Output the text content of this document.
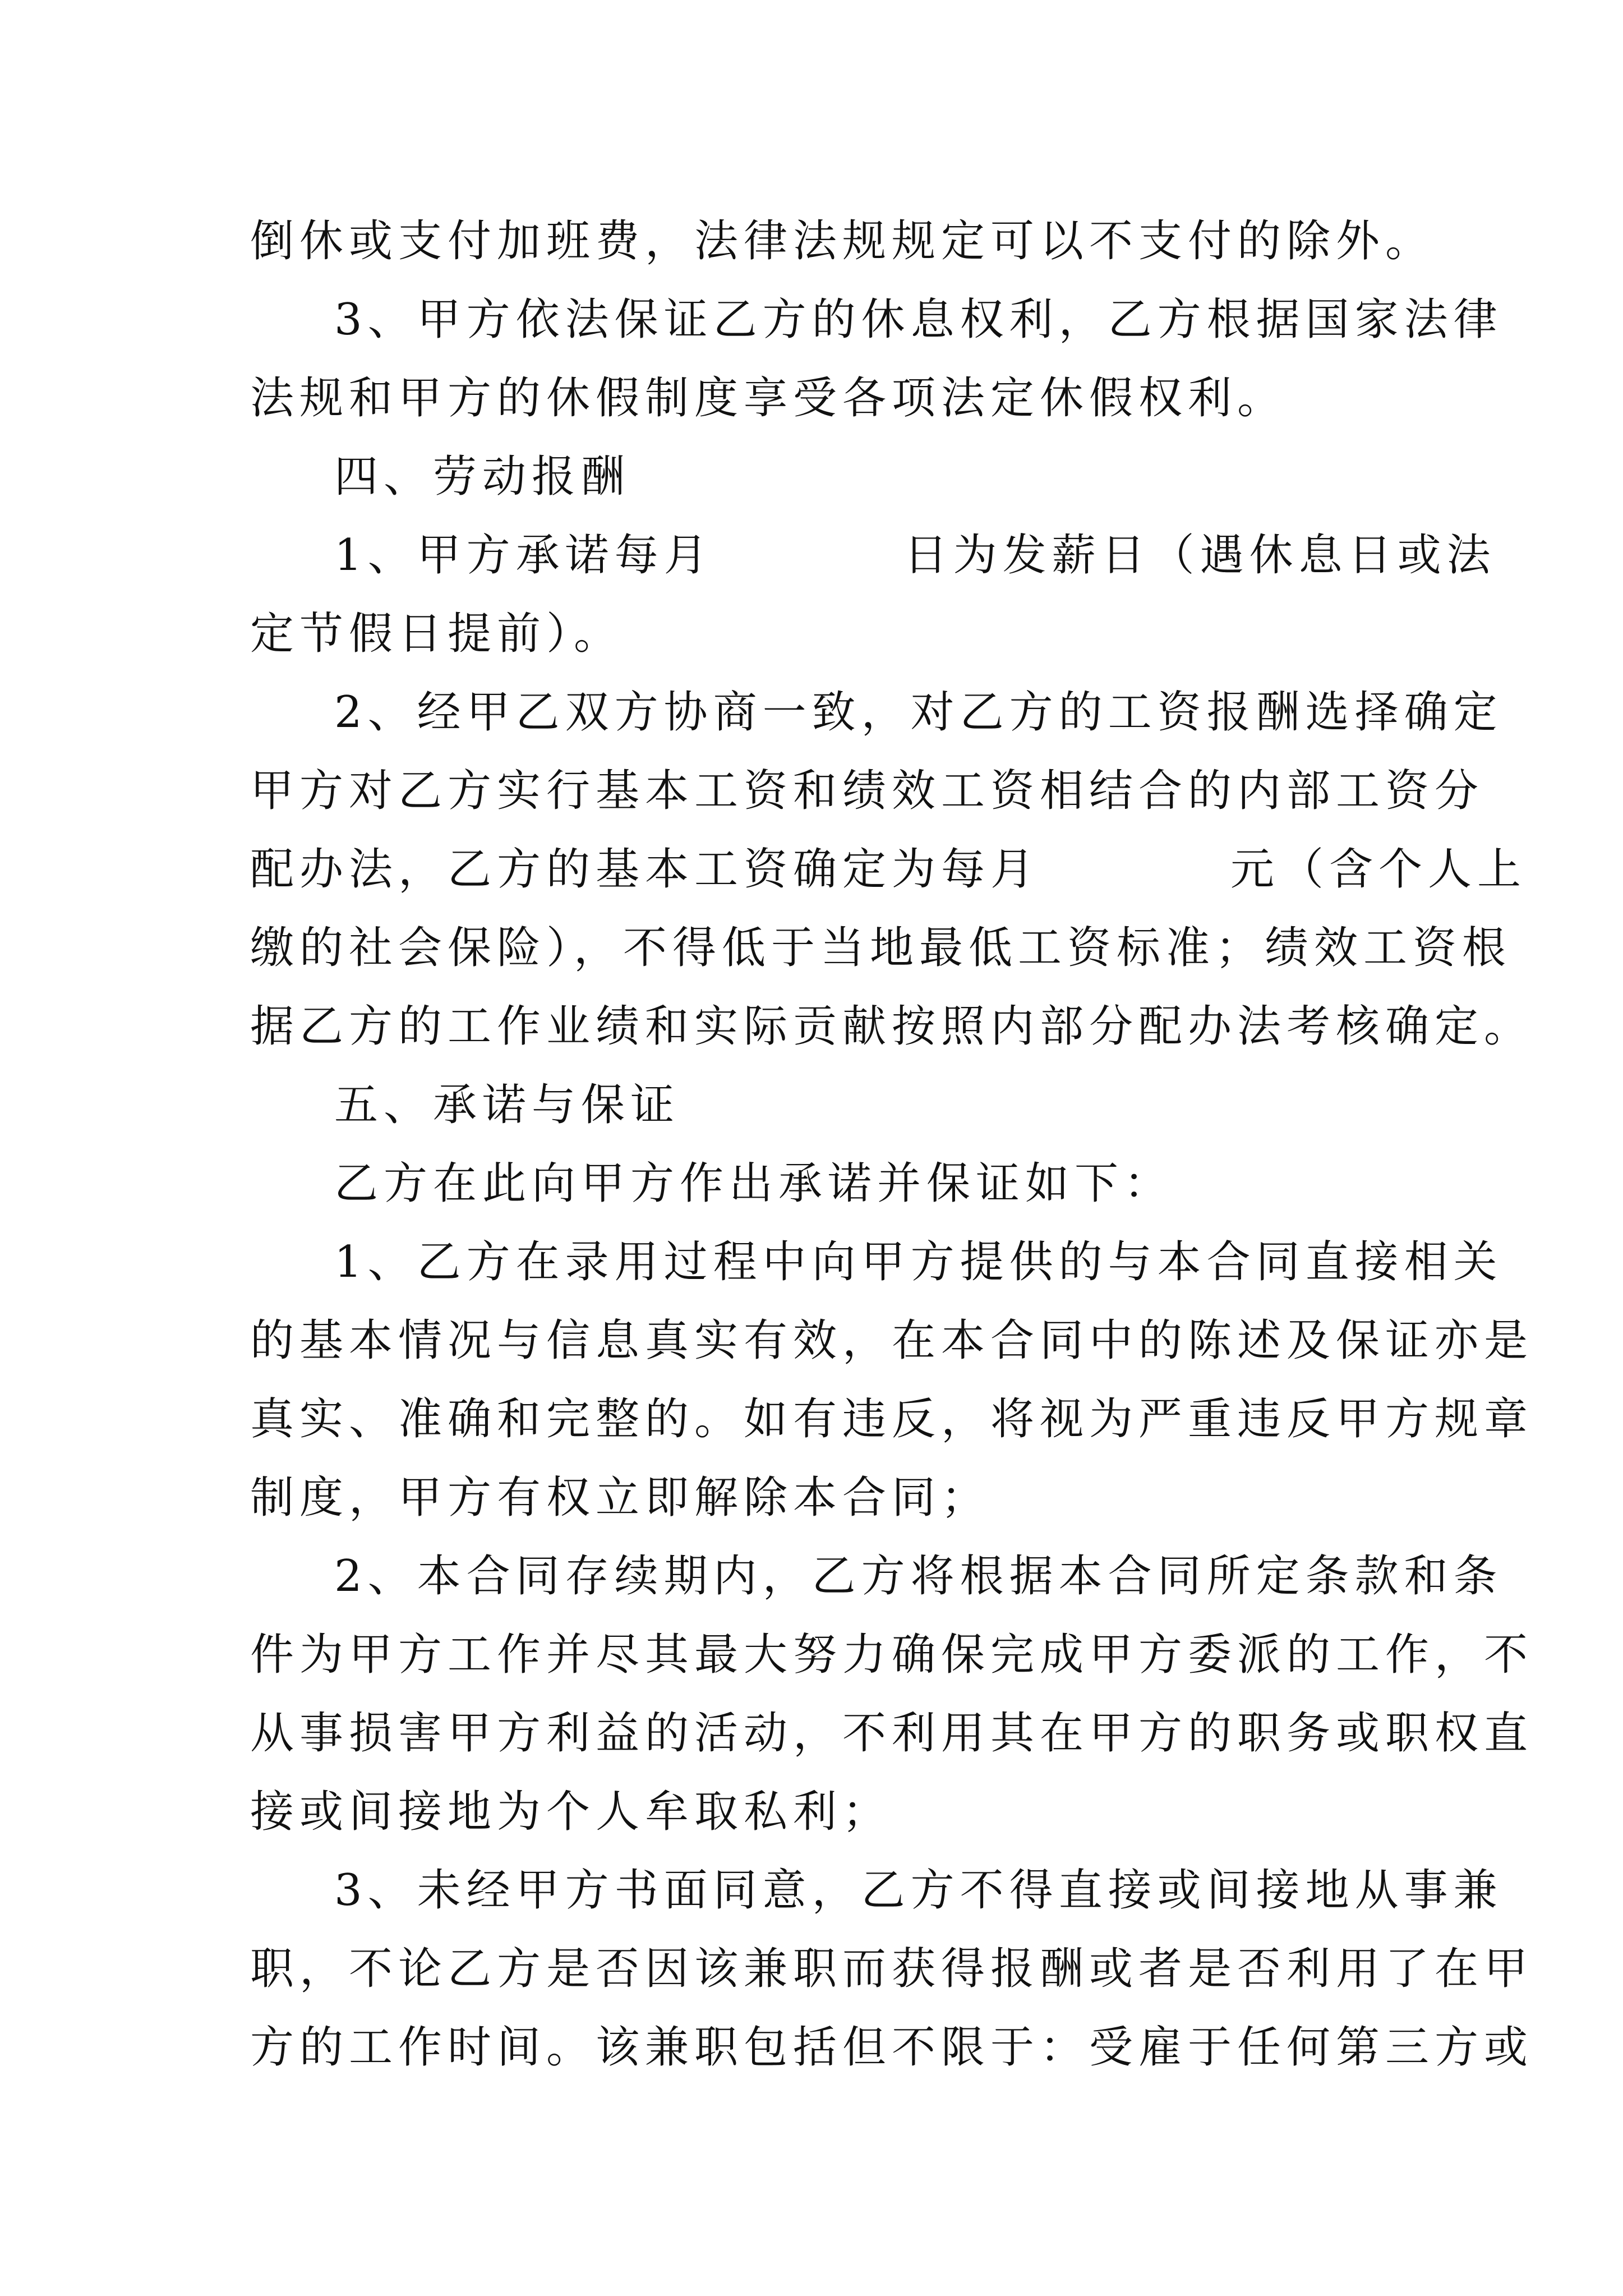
倒休或支付加班费，法律法规规定可以不支付的除外。
3、甲方依法保证乙方的休息权利，乙方根据国家法律
法规和甲方的休假制度享受各项法定休假权利。
四、劳动报酬
1、甲方承诺每月	日为发薪日（遇休息日或法
定节假日提前）。
2、经甲乙双方协商一致，对乙方的工资报酬选择确定
甲方对乙方实行基本工资和绩效工资相结合的内部工资分
配办法，乙方的基本工资确定为每月	元（含个人上
缴的社会保险），不得低于当地最低工资标准；绩效工资根
据乙方的工作业绩和实际贡献按照内部分配办法考核确定。
五、承诺与保证
乙方在此向甲方作出承诺并保证如下：
1、乙方在录用过程中向甲方提供的与本合同直接相关
的基本情况与信息真实有效，在本合同中的陈述及保证亦是
真实、准确和完整的。如有违反，将视为严重违反甲方规章
制度，甲方有权立即解除本合同；
2、本合同存续期内，乙方将根据本合同所定条款和条
件为甲方工作并尽其最大努力确保完成甲方委派的工作，不
从事损害甲方利益的活动，不利用其在甲方的职务或职权直
接或间接地为个人牟取私利；
3、未经甲方书面同意，乙方不得直接或间接地从事兼
职，不论乙方是否因该兼职而获得报酬或者是否利用了在甲
方的工作时间。该兼职包括但不限于：受雇于任何第三方或
